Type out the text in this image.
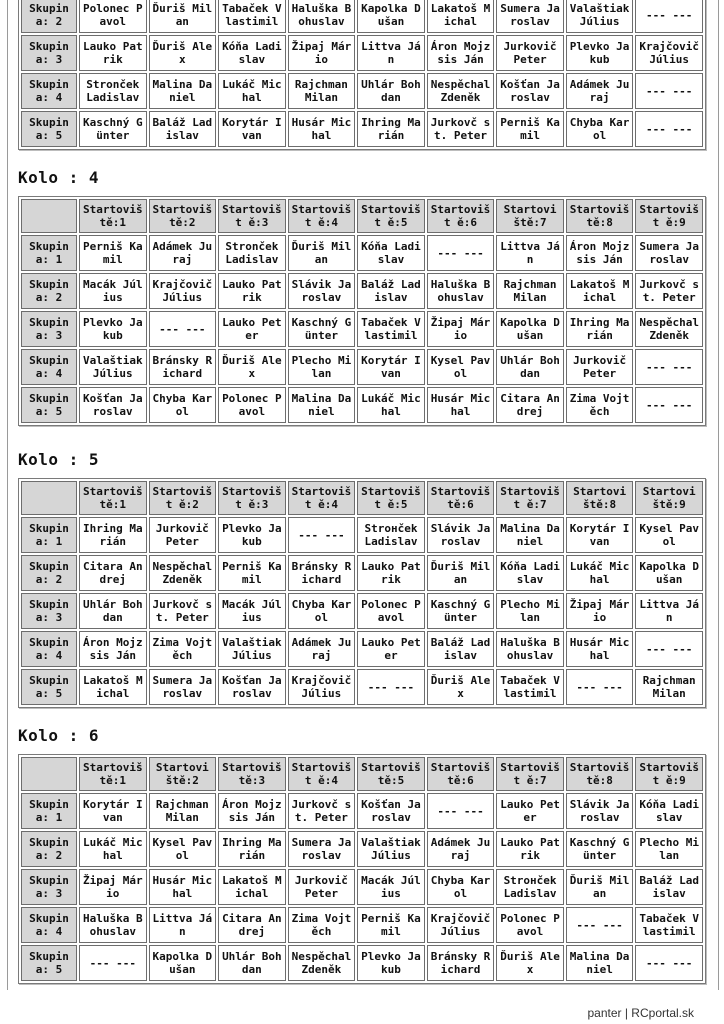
Skupina: 2	Polonec Pavol	Ďuriš Milan	Tabaček Vlastimil	Haluška Bohuslav	Kapolka Dušan	Lakatoš Michal	Sumera Jaroslav	Valaštiak Július	--- ---
Skupina: 3	Lauko Patrik	Ďuriš Alex	Kóňa Ladislav	Žipaj Mário	Littva Ján	Áron Mojzsis Ján	Jurkovič Peter	Plevko Jakub	Krajčovič Július
Skupina: 4	Stronček Ladislav	Malina Daniel	Lukáč Michal	Rajchman Milan	Uhlár Bohdan	Nespěchal Zdeněk	Košťan Jaroslav	Adámek Juraj	--- ---
Skupina: 5	Kaschný Günter	Baláž Ladislav	Korytár Ivan	Husár Michal	Ihring Marián	Jurkovč st. Peter	Perniš Kamil	Chyba Karol	--- ---
Kolo : 4
	Startoviš tě:1	Startoviš tě:2	Startovišt ě:3	Startovišt ě:4	Startovišt ě:5	Startovišt ě:6	Startovi ště:7	Startoviš tě:8	Startovišt ě:9
Skupina: 1	Perniš Kamil	Adámek Juraj	Stronček Ladislav	Ďuriš Milan	Kóňa Ladislav	--- ---	Littva Ján	Áron Mojzsis Ján	Sumera Jaroslav
Skupina: 2	Macák Július	Krajčovič Július	Lauko Patrik	Slávik Jaroslav	Baláž Ladislav	Haluška Bohuslav	Rajchman Milan	Lakatoš Michal	Jurkovč st. Peter
Skupina: 3	Plevko Jakub	--- ---	Lauko Peter	Kaschný Günter	Tabaček Vlastimil	Žipaj Mário	Kapolka Dušan	Ihring Marián	Nespěchal Zdeněk
Skupina: 4	Valaštiak Július	Bránsky Richard	Ďuriš Alex	Plecho Milan	Korytár Ivan	Kysel Pavol	Uhlár Bohdan	Jurkovič Peter	--- ---
Skupina: 5	Košťan Jaroslav	Chyba Karol	Polonec Pavol	Malina Daniel	Lukáč Michal	Husár Michal	Citara Andrej	Zima Vojtěch	--- ---
Kolo : 5
	Startoviš tě:1	Startovišt ě:2	Startovišt ě:3	Startovišt ě:4	Startovišt ě:5	Startoviš tě:6	Startovišt ě:7	Startovi ště:8	Startovi ště:9
Skupina: 1	Ihring Marián	Jurkovič Peter	Plevko Jakub	--- ---	Strонček Ladislav	Slávik Jaroslav	Malina Daniel	Korytár Ivan	Kysel Pavol
Skupina: 2	Citara Andrej	Nespěchal Zdeněk	Perniš Kamil	Bránsky Richard	Lauko Patrik	Ďuriš Milan	Kóňa Ladislav	Lukáč Michal	Kapolka Dušan
Skupina: 3	Uhlár Bohdan	Jurkovč st. Peter	Macák Július	Chyba Karol	Polonec Pavol	Kaschný Günter	Plecho Milan	Žipaj Mário	Littva Ján
Skupina: 4	Áron Mojzsis Ján	Zima Vojtěch	Valaštiak Július	Adámek Juraj	Lauko Peter	Baláž Ladislav	Haluška Bohuslav	Husár Michal	--- ---
Skupina: 5	Lakatoš Michal	Sumera Jaroslav	Košťan Jaroslav	Krajčovič Július	--- ---	Ďuriš Alex	Tabaček Vlastimil	--- ---	Rajchman Milan
Kolo : 6
	Startoviš tě:1	Startovi ště:2	Startoviš tě:3	Startovišt ě:4	Startoviš tě:5	Startoviš tě:6	Startovišt ě:7	Startoviš tě:8	Startovišt ě:9
Skupina: 1	Korytár Ivan	Rajchman Milan	Áron Mojzsis Ján	Jurkovč st. Peter	Košťan Jaroslav	--- ---	Lauko Peter	Slávik Jaroslav	Kóňa Ladislav
Skupina: 2	Lukáč Michal	Kysel Pavol	Ihring Marián	Sumera Jaroslav	Valaštiak Július	Adámek Juraj	Lauko Patrik	Kaschný Günter	Plecho Milan
Skupina: 3	Žipaj Mário	Husár Michal	Lakatoš Michal	Jurkovič Peter	Macák Július	Chyba Karol	Strонček Ladislav	Ďuriš Milan	Baláž Ladislav
Skupina: 4	Haluška Bohuslav	Littva Ján	Citara Andrej	Zima Vojtěch	Perniš Kamil	Krajčovič Július	Polonec Pavol	--- ---	Tabaček Vlastimil
Skupina: 5	--- ---	Kapolka Dušan	Uhlár Bohdan	Nespěchal Zdeněk	Plevko Jakub	Bránsky Richard	Ďuriš Alex	Malina Daniel	--- ---
panter | RCportal.sk
